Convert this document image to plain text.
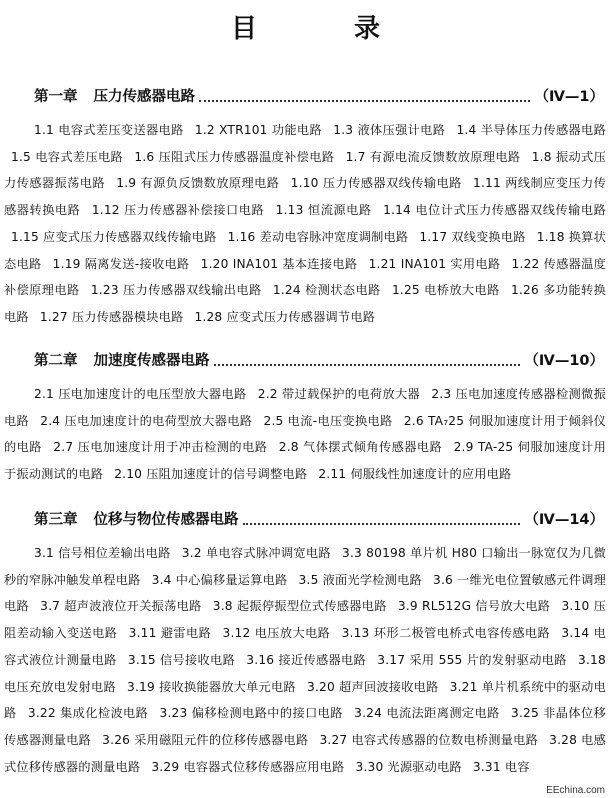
目 录
第一章 压力传感器电路	（Ⅳ—1）
1.1 电容式差压变送器电路 1.2 XTR101 功能电路 1.3 液体压强计电路 1.4 半导体压力传感器电路 1.5 电容式差压电路 1.6 压阻式压力传感器温度补偿电路 1.7 有源电流反馈数放原理电路 1.8 振动式压力传感器振荡电路 1.9 有源负反馈数放原理电路 1.10 压力传感器双线传输电路 1.11 两线制应变压力传感器转换电路 1.12 压力传感器补偿接口电路 1.13 恒流源电路 1.14 电位计式压力传感器双线传输电路 1.15 应变式压力传感器双线传输电路 1.16 差动电容脉冲宽度调制电路 1.17 双线变换电路 1.18 换算状态电路 1.19 隔离发送-接收电路 1.20 INA101 基本连接电路 1.21 INA101 实用电路 1.22 传感器温度补偿原理电路 1.23 压力传感器双线输出电路 1.24 检测状态电路 1.25 电桥放大电路 1.26 多功能转换电路 1.27 压力传感器模块电路 1.28 应变式压力传感器调节电路
第二章 加速度传感器电路	（Ⅳ—10）
2.1 压电加速度计的电压型放大器电路 2.2 带过载保护的电荷放大器 2.3 压电加速度传感器检测微振电路 2.4 压电加速度计的电荷型放大器电路 2.5 电流-电压变换电路 2.6 TA₇25 伺服加速度计用于倾斜仪的电路 2.7 压电加速度计用于冲击检测的电路 2.8 气体摆式倾角传感器电路 2.9 TA-25 伺服加速度计用于振动测试的电路 2.10 压阻加速度计的信号调整电路 2.11 伺服线性加速度计的应用电路
第三章 位移与物位传感器电路	（Ⅳ—14）
3.1 信号相位差输出电路 3.2 单电容式脉冲调宽电路 3.3 80198 单片机 H80 口输出一脉宽仅为几微秒的窄脉冲触发单程电路 3.4 中心偏移量运算电路 3.5 液面光学检测电路 3.6 一维光电位置敏感元件调理电路 3.7 超声波液位开关振荡电路 3.8 起振停振型位式传感器电路 3.9 RL512G 信号放大电路 3.10 压阻差动输入变送电路 3.11 避雷电路 3.12 电压放大电路 3.13 环形二极管电桥式电容传感电路 3.14 电容式液位计测量电路 3.15 信号接收电路 3.16 接近传感器电路 3.17 采用 555 片的发射驱动电路 3.18 电压充放电发射电路 3.19 接收换能器放大单元电路 3.20 超声回波接收电路 3.21 单片机系统中的驱动电路 3.22 集成化检波电路 3.23 偏移检测电路中的接口电路 3.24 电流法距离测定电路 3.25 非晶体位移传感器测量电路 3.26 采用磁阻元件的位移传感器电路 3.27 电容式传感器的位数电桥测量电路 3.28 电感式位移传感器的测量电路 3.29 电容器式位移传感器应用电路 3.30 光源驱动电路 3.31 电容
EEchina.com
